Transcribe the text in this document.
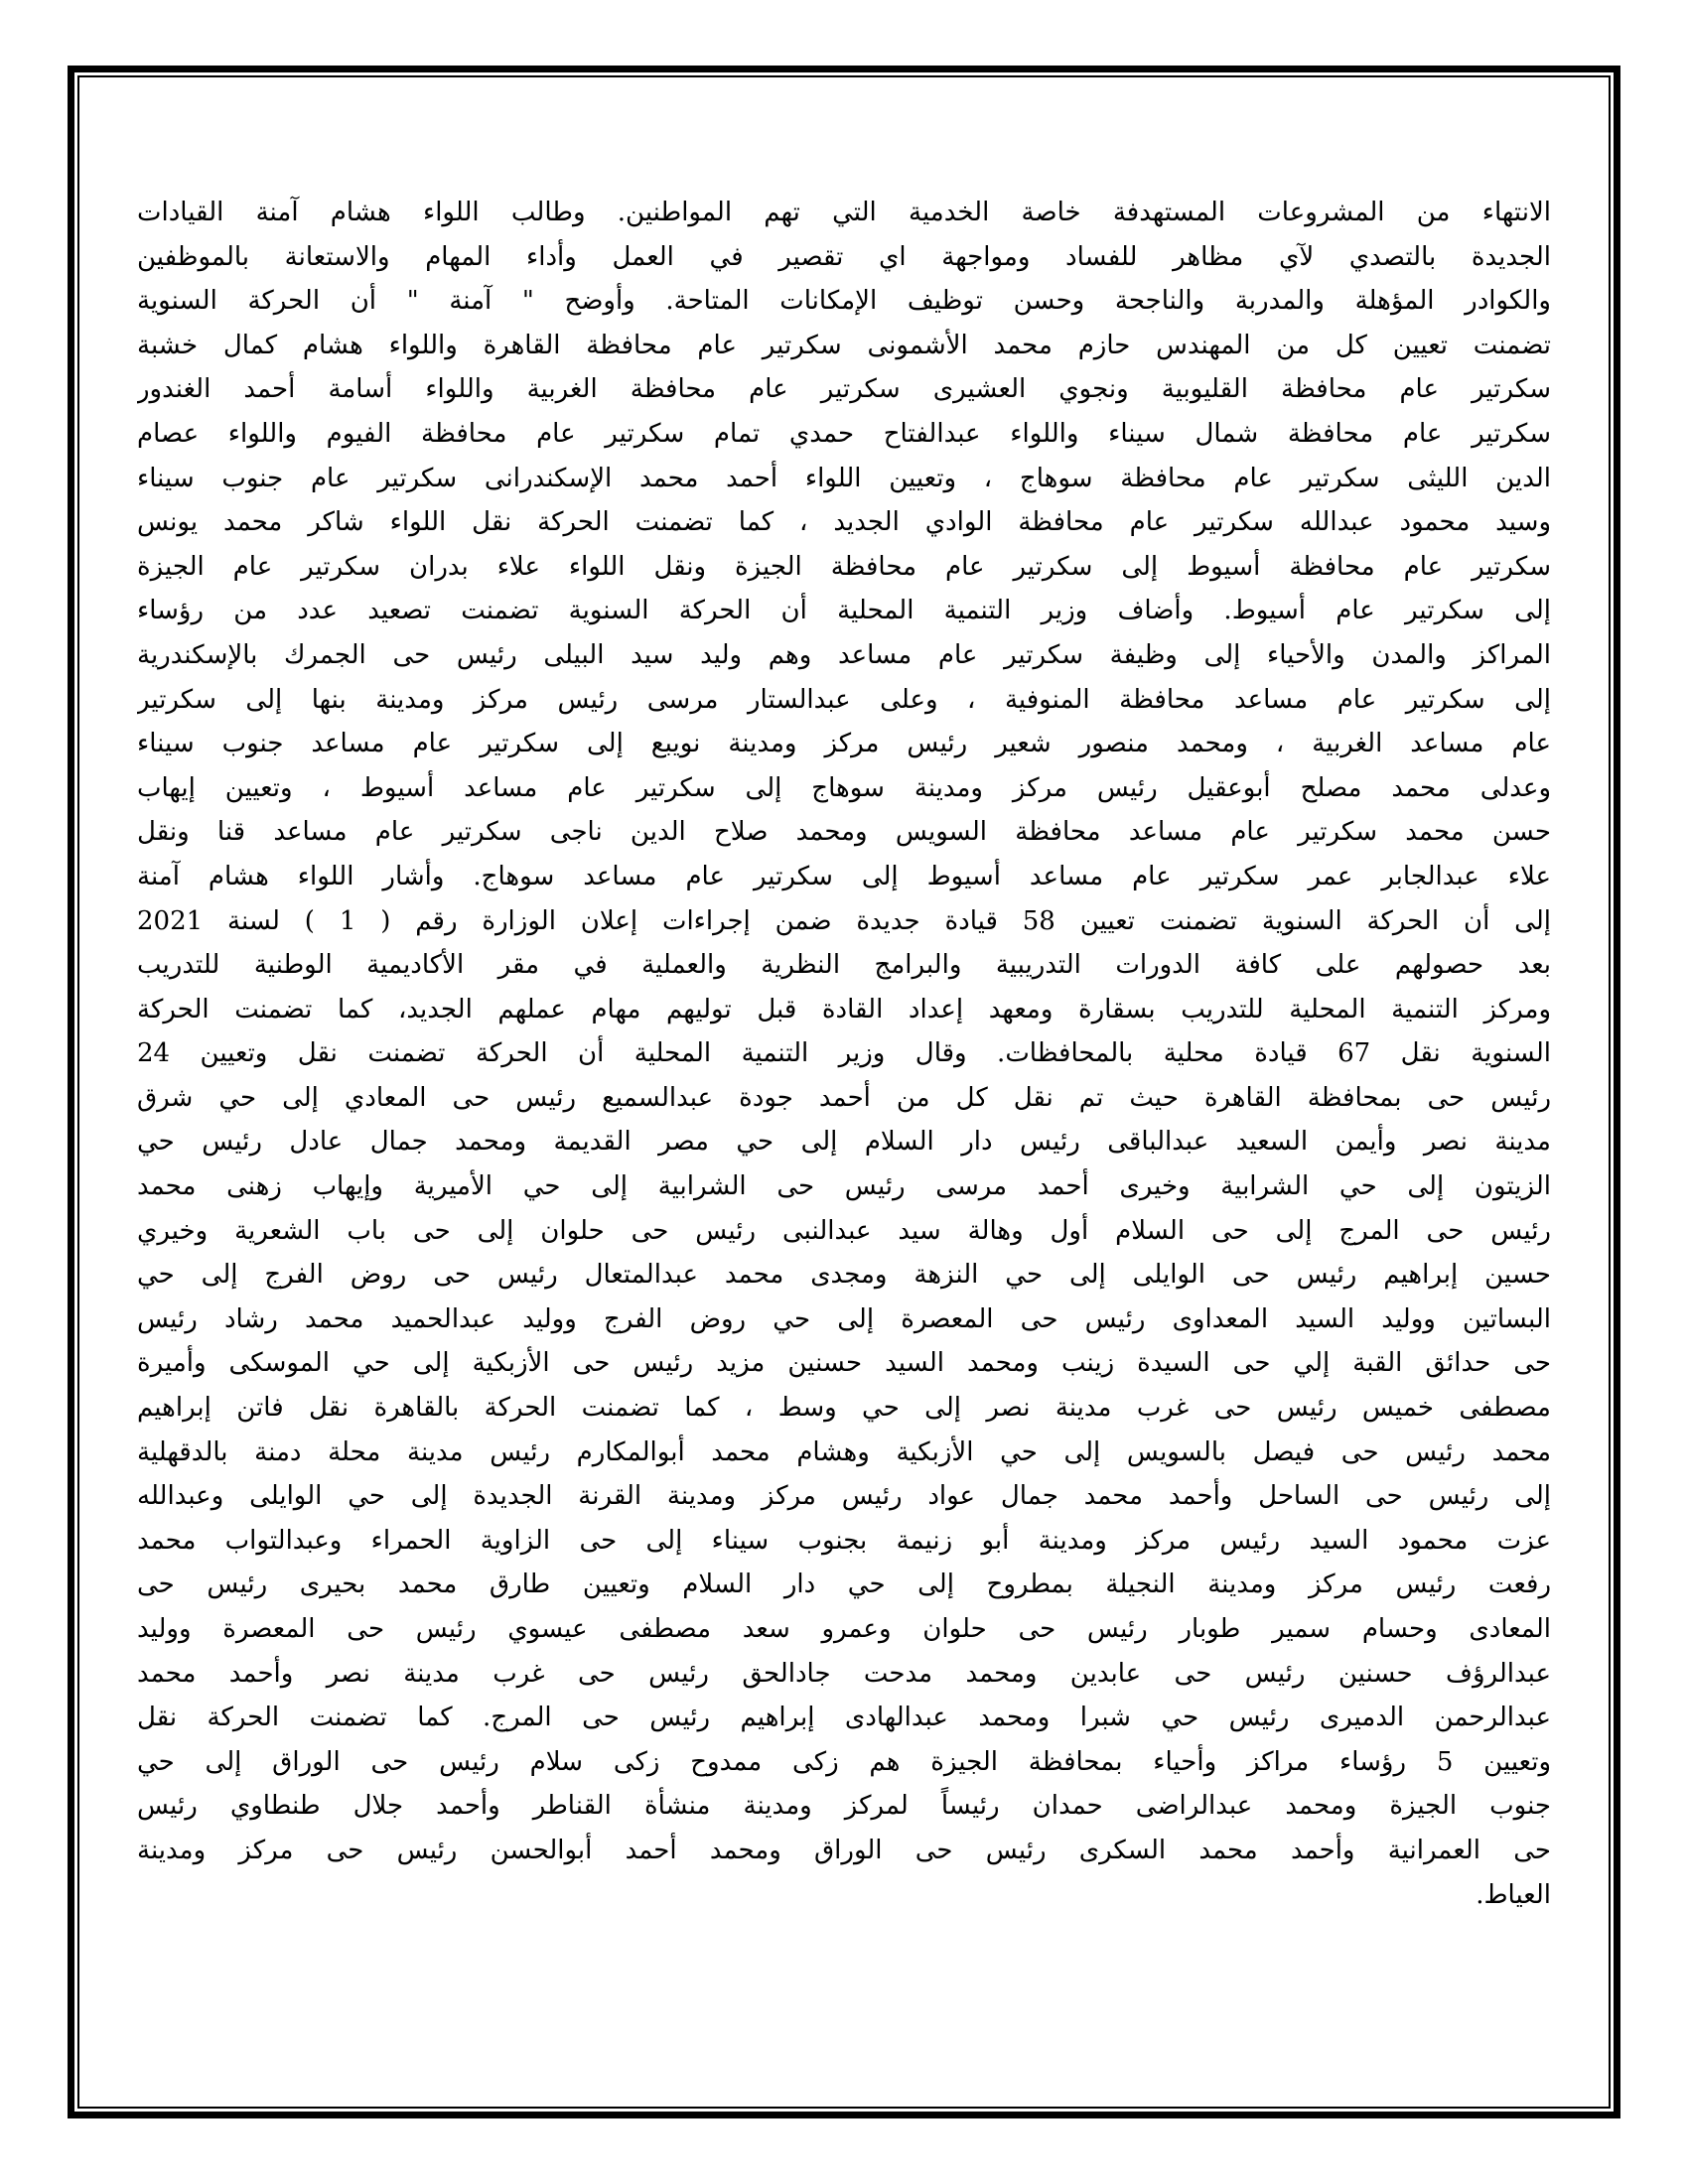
الانتهاء من المشروعات المستهدفة خاصة الخدمية التي تهم المواطنين. وطالب اللواء هشام آمنة القيادات
الجديدة بالتصدي لآي مظاهر للفساد ومواجهة اي تقصير في العمل وأداء المهام والاستعانة بالموظفين
والكوادر المؤهلة والمدربة والناجحة وحسن توظيف الإمكانات المتاحة. وأوضح " آمنة " أن الحركة السنوية
تضمنت تعيين كل من المهندس حازم محمد الأشمونى سكرتير عام محافظة القاهرة واللواء هشام كمال خشبة
سكرتير عام محافظة القليوبية ونجوي العشيرى سكرتير عام محافظة الغربية واللواء أسامة أحمد الغندور
سكرتير عام محافظة شمال سيناء واللواء عبدالفتاح حمدي تمام سكرتير عام محافظة الفيوم واللواء عصام
الدين الليثى سكرتير عام محافظة سوهاج ، وتعيين اللواء أحمد محمد الإسكندرانى سكرتير عام جنوب سيناء
وسيد محمود عبدالله سكرتير عام محافظة الوادي الجديد ، كما تضمنت الحركة نقل اللواء شاكر محمد يونس
سكرتير عام محافظة أسيوط إلى سكرتير عام محافظة الجيزة ونقل اللواء علاء بدران سكرتير عام الجيزة
إلى سكرتير عام أسيوط. وأضاف وزير التنمية المحلية أن الحركة السنوية تضمنت تصعيد عدد من رؤساء
المراكز والمدن والأحياء إلى وظيفة سكرتير عام مساعد وهم وليد سيد البيلى رئيس حى الجمرك بالإسكندرية
إلى سكرتير عام مساعد محافظة المنوفية ، وعلى عبدالستار مرسى رئيس مركز ومدينة بنها إلى سكرتير
عام مساعد الغربية ، ومحمد منصور شعير رئيس مركز ومدينة نويبع إلى سكرتير عام مساعد جنوب سيناء
وعدلى محمد مصلح أبوعقيل رئيس مركز ومدينة سوهاج إلى سكرتير عام مساعد أسيوط ، وتعيين إيهاب
حسن محمد سكرتير عام مساعد محافظة السويس ومحمد صلاح الدين ناجى سكرتير عام مساعد قنا ونقل
علاء عبدالجابر عمر سكرتير عام مساعد أسيوط إلى سكرتير عام مساعد سوهاج. وأشار اللواء هشام آمنة
إلى أن الحركة السنوية تضمنت تعيين 58 قيادة جديدة ضمن إجراءات إعلان الوزارة رقم ( 1 ) لسنة 2021
بعد حصولهم على كافة الدورات التدريبية والبرامج النظرية والعملية في مقر الأكاديمية الوطنية للتدريب
ومركز التنمية المحلية للتدريب بسقارة ومعهد إعداد القادة قبل توليهم مهام عملهم الجديد، كما تضمنت الحركة
السنوية نقل 67 قيادة محلية بالمحافظات. وقال وزير التنمية المحلية أن الحركة تضمنت نقل وتعيين 24
رئيس حى بمحافظة القاهرة حيث تم نقل كل من أحمد جودة عبدالسميع رئيس حى المعادي إلى حي شرق
مدينة نصر وأيمن السعيد عبدالباقى رئيس دار السلام إلى حي مصر القديمة ومحمد جمال عادل رئيس حي
الزيتون إلى حي الشرابية وخيرى أحمد مرسى رئيس حى الشرابية إلى حي الأميرية وإيهاب زهنى محمد
رئيس حى المرج إلى حى السلام أول وهالة سيد عبدالنبى رئيس حى حلوان إلى حى باب الشعرية وخيري
حسين إبراهيم رئيس حى الوايلى إلى حي النزهة ومجدى محمد عبدالمتعال رئيس حى روض الفرج إلى حي
البساتين ووليد السيد المعداوى رئيس حى المعصرة إلى حي روض الفرج ووليد عبدالحميد محمد رشاد رئيس
حى حدائق القبة إلي حى السيدة زينب ومحمد السيد حسنين مزيد رئيس حى الأزبكية إلى حي الموسكى وأميرة
مصطفى خميس رئيس حى غرب مدينة نصر إلى حي وسط ، كما تضمنت الحركة بالقاهرة نقل فاتن إبراهيم
محمد رئيس حى فيصل بالسويس إلى حي الأزبكية وهشام محمد أبوالمكارم رئيس مدينة محلة دمنة بالدقهلية
إلى رئيس حى الساحل وأحمد محمد جمال عواد رئيس مركز ومدينة القرنة الجديدة إلى حي الوايلى وعبدالله
عزت محمود السيد رئيس مركز ومدينة أبو زنيمة بجنوب سيناء إلى حى الزاوية الحمراء وعبدالتواب محمد
رفعت رئيس مركز ومدينة النجيلة بمطروح إلى حي دار السلام وتعيين طارق محمد بحيرى رئيس حى
المعادى وحسام سمير طوبار رئيس حى حلوان وعمرو سعد مصطفى عيسوي رئيس حى المعصرة ووليد
عبدالرؤف حسنين رئيس حى عابدين ومحمد مدحت جادالحق رئيس حى غرب مدينة نصر وأحمد محمد
عبدالرحمن الدميرى رئيس حي شبرا ومحمد عبدالهادى إبراهيم رئيس حى المرج. كما تضمنت الحركة نقل
وتعيين 5 رؤساء مراكز وأحياء بمحافظة الجيزة هم زكى ممدوح زكى سلام رئيس حى الوراق إلى حي
جنوب الجيزة ومحمد عبدالراضى حمدان رئيساً لمركز ومدينة منشأة القناطر وأحمد جلال طنطاوي رئيس
حى العمرانية وأحمد محمد السكرى رئيس حى الوراق ومحمد أحمد أبوالحسن رئيس حى مركز ومدينة
العياط.
